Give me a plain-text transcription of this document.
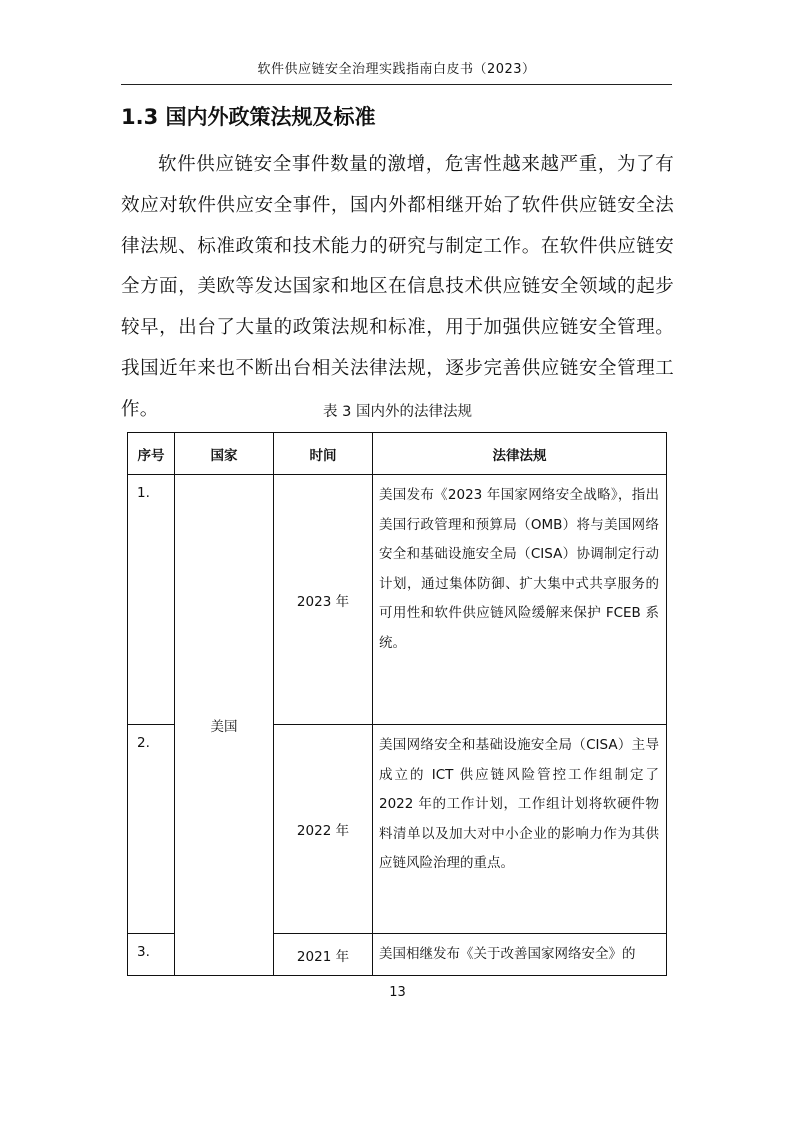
软件供应链安全治理实践指南白皮书（2023）
1.3 国内外政策法规及标准

软件供应链安全事件数量的激增，危害性越来越严重，为了有效应对软件供应安全事件，国内外都相继开始了软件供应链安全法律法规、标准政策和技术能力的研究与制定工作。在软件供应链安全方面，美欧等发达国家和地区在信息技术供应链安全领域的起步较早，出台了大量的政策法规和标准，用于加强供应链安全管理。我国近年来也不断出台相关法律法规，逐步完善供应链安全管理工作。	表 3 国内外的法律法规
序号	国家	时间	法律法规
1.	美国	2023 年	美国发布《2023 年国家网络安全战略》，指出美国行政管理和预算局（OMB）将与美国网络安全和基础设施安全局（CISA）协调制定行动计划，通过集体防御、扩大集中式共享服务的可用性和软件供应链风险缓解来保护 FCEB 系统。
2.		2022 年	美国网络安全和基础设施安全局（CISA）主导成立的 ICT 供应链风险管控工作组制定了 2022 年的工作计划，工作组计划将软硬件物料清单以及加大对中小企业的影响力作为其供应链风险治理的重点。
3.		2021 年	美国相继发布《关于改善国家网络安全》的
13
